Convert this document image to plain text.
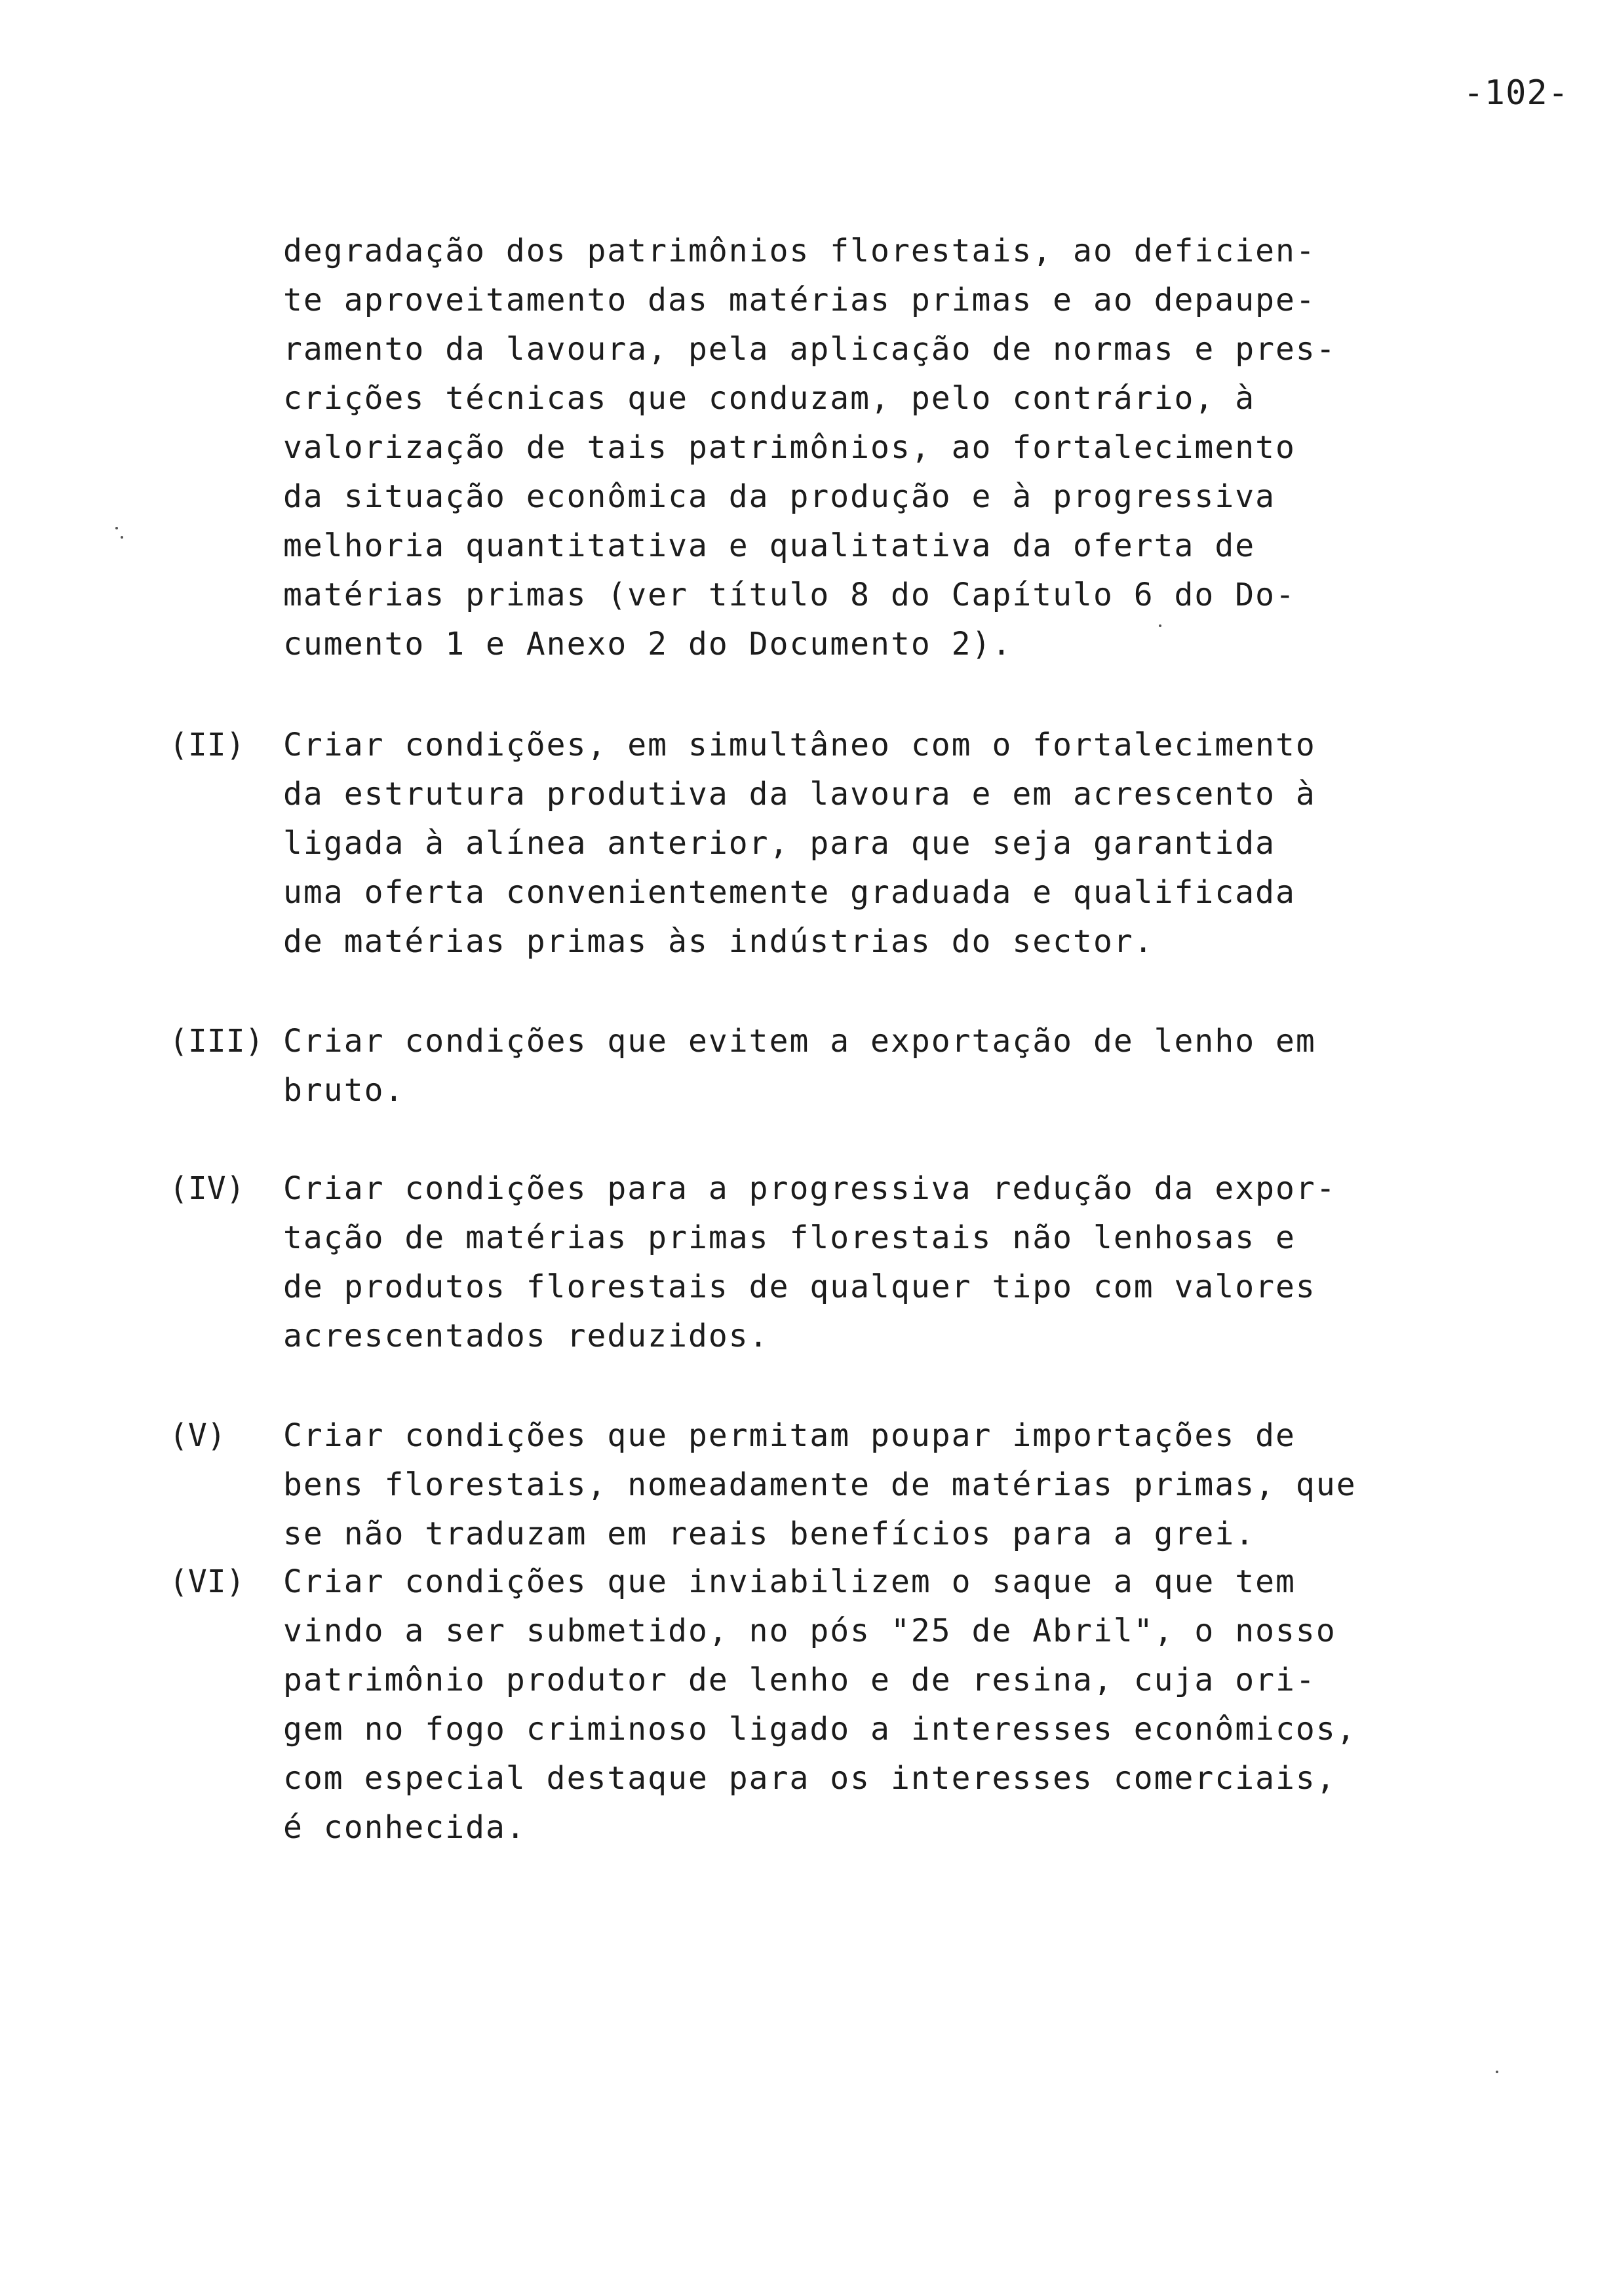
-102-
degradação dos patrimônios florestais, ao deficien-
te aproveitamento das matérias primas e ao depaupe-
ramento da lavoura, pela aplicação de normas e pres-
crições técnicas que conduzam, pelo contrário, à
valorização de tais patrimônios, ao fortalecimento
da situação econômica da produção e à progressiva
melhoria quantitativa e qualitativa da oferta de
matérias primas (ver título 8 do Capítulo 6 do Do-
cumento 1 e Anexo 2 do Documento 2).
(II) Criar condições, em simultâneo com o fortalecimento
da estrutura produtiva da lavoura e em acrescento à
ligada à alínea anterior, para que seja garantida
uma oferta convenientemente graduada e qualificada
de matérias primas às indústrias do sector.
(III) Criar condições que evitem a exportação de lenho em
bruto.
(IV) Criar condições para a progressiva redução da expor-
tação de matérias primas florestais não lenhosas e
de produtos florestais de qualquer tipo com valores
acrescentados reduzidos.
(V) Criar condições que permitam poupar importações de
bens florestais, nomeadamente de matérias primas, que
se não traduzam em reais benefícios para a grei.
(VI) Criar condições que inviabilizem o saque a que tem
vindo a ser submetido, no pós "25 de Abril", o nosso
patrimônio produtor de lenho e de resina, cuja ori-
gem no fogo criminoso ligado a interesses econômicos,
com especial destaque para os interesses comerciais,
é conhecida.
